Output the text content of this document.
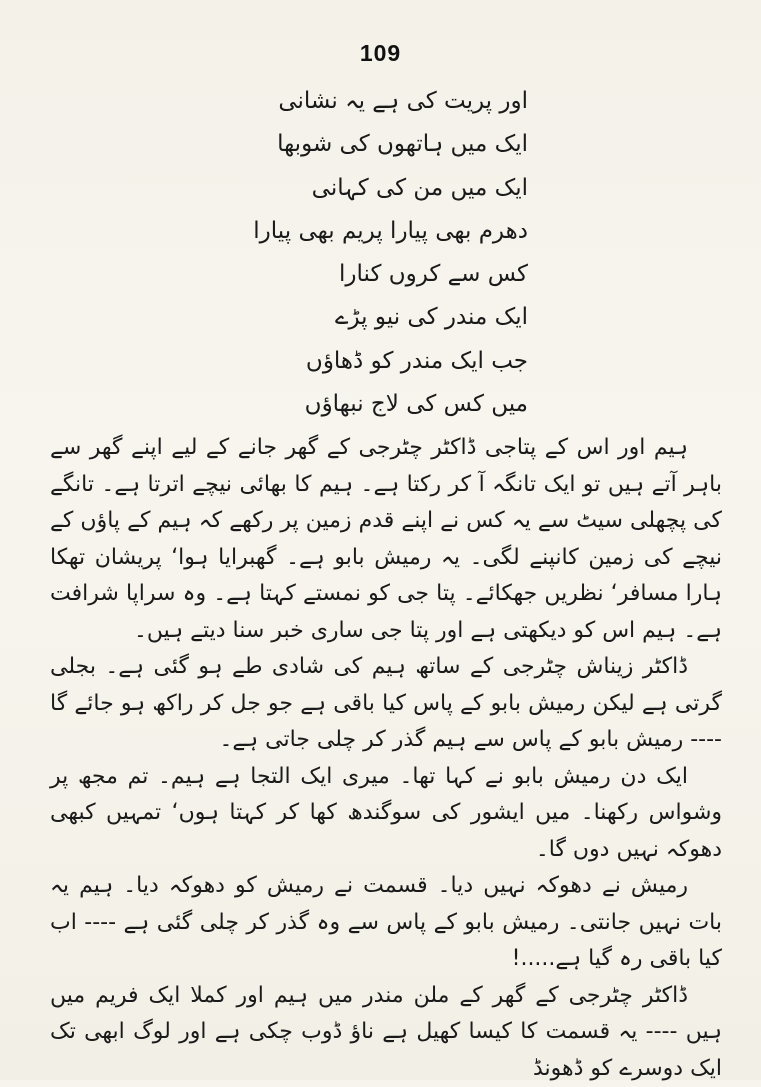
109
اور پریت کی ہے یہ نشانی
ایک میں ہاتھوں کی شوبھا
ایک میں من کی کہانی
دھرم بھی پیارا پریم بھی پیارا
کس سے کروں کنارا
ایک مندر کی نیو پڑے
جب ایک مندر کو ڈھاؤں
میں کس کی لاج نبھاؤں

ہیم اور اس کے پتاجی ڈاکٹر چٹرجی کے گھر جانے کے لیے اپنے گھر سے باہر آتے ہیں تو ایک تانگہ آ کر رکتا ہے۔ ہیم کا بھائی نیچے اترتا ہے۔ تانگے کی پچھلی سیٹ سے یہ کس نے اپنے قدم زمین پر رکھے کہ ہیم کے پاؤں کے نیچے کی زمین کانپنے لگی۔ یہ رمیش بابو ہے۔ گھبرایا ہوا‘ پریشان تھکا ہارا مسافر‘ نظریں جھکائے۔ پتا جی کو نمستے کہتا ہے۔ وہ سراپا شرافت ہے۔ ہیم اس کو دیکھتی ہے اور پتا جی ساری خبر سنا دیتے ہیں۔

ڈاکٹر زیناش چٹرجی کے ساتھ ہیم کی شادی طے ہو گئی ہے۔ بجلی گرتی ہے لیکن رمیش بابو کے پاس کیا باقی ہے جو جل کر راکھ ہو جائے گا ---- رمیش بابو کے پاس سے ہیم گذر کر چلی جاتی ہے۔

ایک دن رمیش بابو نے کہا تھا۔ میری ایک التجا ہے ہیم۔ تم مجھ پر وشواس رکھنا۔ میں ایشور کی سوگندھ کھا کر کہتا ہوں‘ تمہیں کبھی دھوکہ نہیں دوں گا۔

رمیش نے دھوکہ نہیں دیا۔ قسمت نے رمیش کو دھوکہ دیا۔ ہیم یہ بات نہیں جانتی۔ رمیش بابو کے پاس سے وہ گذر کر چلی گئی ہے ---- اب کیا باقی رہ گیا ہے.....!

ڈاکٹر چٹرجی کے گھر کے ملن مندر میں ہیم اور کملا ایک فریم میں ہیں ---- یہ قسمت کا کیسا کھیل ہے ناؤ ڈوب چکی ہے اور لوگ ابھی تک ایک دوسرے کو ڈھونڈ
